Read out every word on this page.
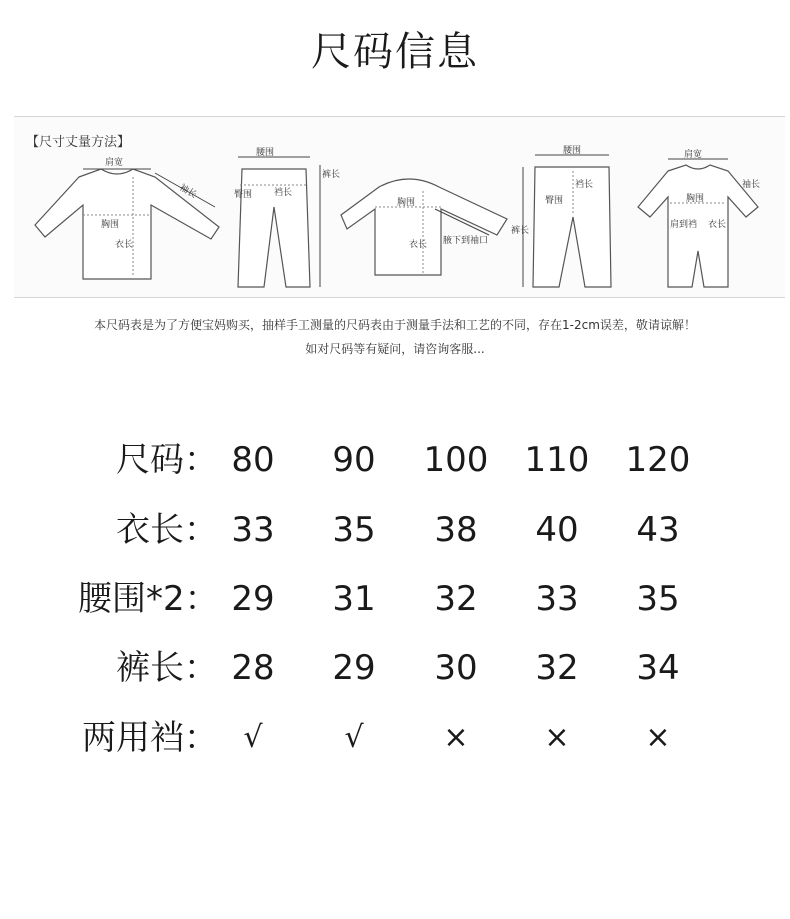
尺码信息
【尺寸丈量方法】
肩宽
袖长
胸围
衣长
腰围
臀围 裆长
裤长
胸围
衣长 腋下到袖口
腰围
裆长
臀围
裤长
肩宽
胸围
肩到裆 衣长
袖长
本尺码表是为了方便宝妈购买，抽样手工测量的尺码表由于测量手法和工艺的不同，存在1-2cm误差，敬请谅解！
如对尺码等有疑问，请咨询客服...
尺码： 80	90	100	110	120
衣长： 33	35	38	40	43
腰围*2： 29	31	32	33	35
裤长： 28	29	30	32	34
两用裆： √	√	×	×	×
